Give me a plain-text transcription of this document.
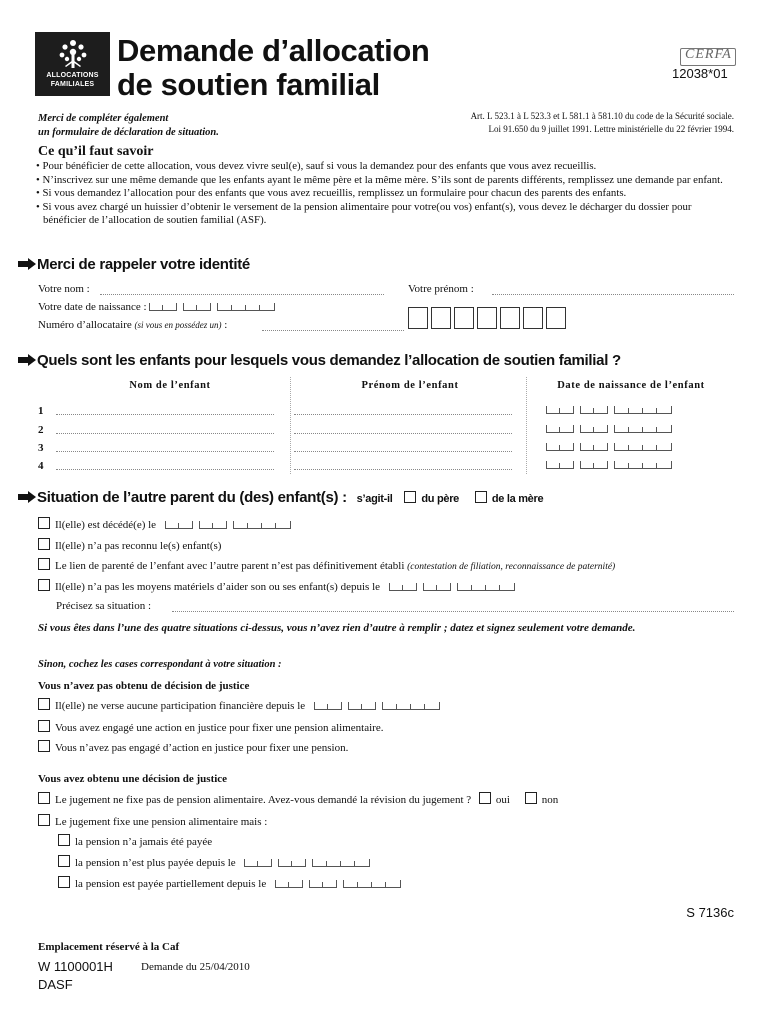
ALLOCATIONS
FAMILIALES
Demande d’allocation
de soutien familial
CERFA
12038*01
Merci de compléter également
un formulaire de déclaration de situation.
Art. L 523.1 à L 523.3 et L 581.1 à 581.10 du code de la Sécurité sociale.
Loi 91.650 du 9 juillet 1991. Lettre ministérielle du 22 février 1994.
Ce qu’il faut savoir
• Pour bénéficier de cette allocation, vous devez vivre seul(e), sauf si vous la demandez pour des enfants que vous avez recueillis.
• N’inscrivez sur une même demande que les enfants ayant le même père et la même mère. S’ils sont de parents différents, remplissez une demande par enfant.
• Si vous demandez l’allocation pour des enfants que vous avez recueillis, remplissez un formulaire pour chacun des parents des enfants.
• Si vous avez chargé un huissier d’obtenir le versement de la pension alimentaire pour votre(ou vos) enfant(s), vous devez le décharger du dossier pour bénéficier de l’allocation de soutien familial (ASF).
Merci de rappeler votre identité
Votre nom :	Votre prénom :
Votre date de naissance :
Numéro d’allocataire (si vous en possédez un) :
Quels sont les enfants pour lesquels vous demandez l’allocation de soutien familial ?
Nom de l’enfant	Prénom de l’enfant	Date de naissance de l’enfant
1
2
3
4
Situation de l’autre parent du (des) enfant(s) : s’agit-il	du père	de la mère
Il(elle) est décédé(e) le
Il(elle) n’a pas reconnu le(s) enfant(s)
Le lien de parenté de l’enfant avec l’autre parent n’est pas définitivement établi (contestation de filiation, reconnaissance de paternité)
Il(elle) n’a pas les moyens matériels d’aider son ou ses enfant(s) depuis le
Précisez sa situation :
Si vous êtes dans l’une des quatre situations ci-dessus, vous n’avez rien d’autre à remplir ; datez et signez seulement votre demande.
Sinon, cochez les cases correspondant à votre situation :
Vous n’avez pas obtenu de décision de justice
Il(elle) ne verse aucune participation financière depuis le
Vous avez engagé une action en justice pour fixer une pension alimentaire.
Vous n’avez pas engagé d’action en justice pour fixer une pension.
Vous avez obtenu une décision de justice
Le jugement ne fixe pas de pension alimentaire. Avez-vous demandé la révision du jugement ? oui	non
Le jugement fixe une pension alimentaire mais :
la pension n’a jamais été payée
la pension n’est plus payée depuis le
la pension est payée partiellement depuis le
S 7136c
Emplacement réservé à la Caf
W 1100001H	Demande du 25/04/2010
DASF
